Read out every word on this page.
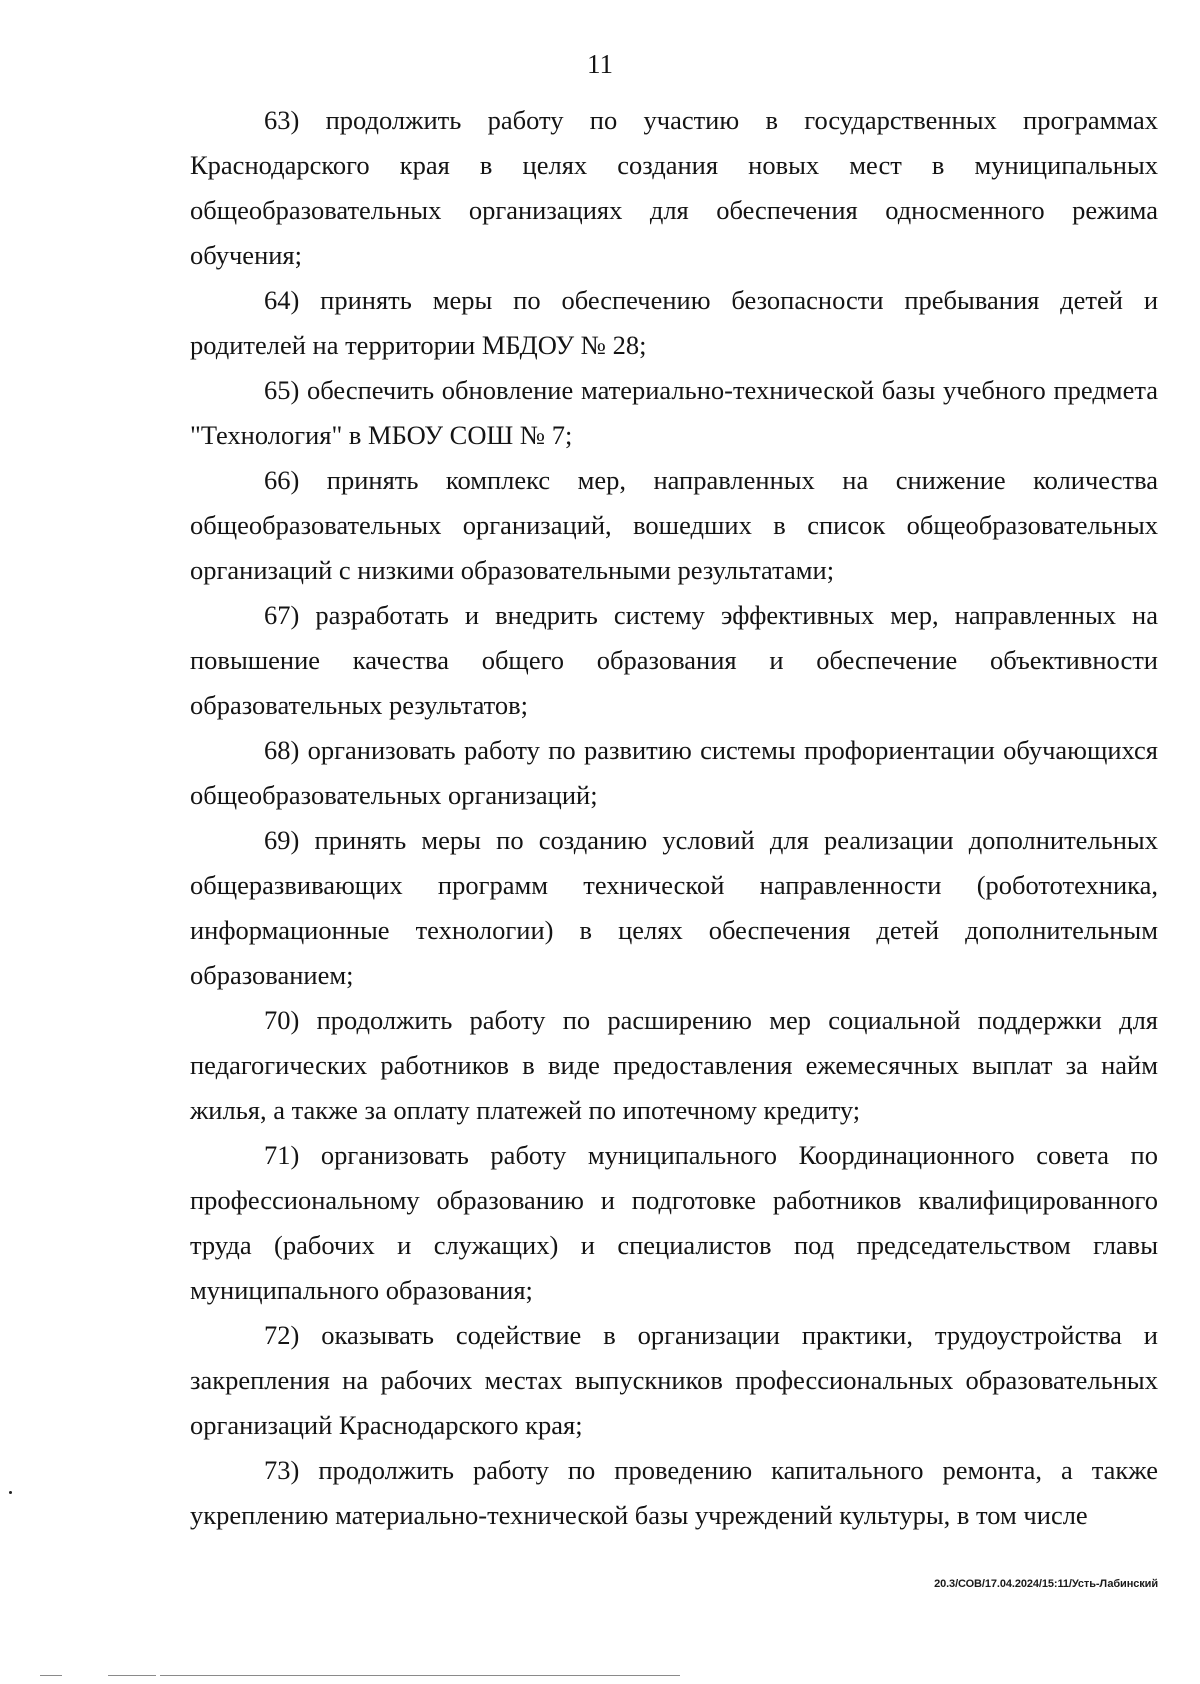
11

63) продолжить работу по участию в государственных программах Краснодарского края в целях создания новых мест в муниципальных общеобразовательных организациях для обеспечения односменного режима обучения;

64) принять меры по обеспечению безопасности пребывания детей и родителей на территории МБДОУ № 28;

65) обеспечить обновление материально-технической базы учебного предмета "Технология" в МБОУ СОШ № 7;

66) принять комплекс мер, направленных на снижение количества общеобразовательных организаций, вошедших в список общеобразовательных организаций с низкими образовательными результатами;

67) разработать и внедрить систему эффективных мер, направленных на повышение качества общего образования и обеспечение объективности образовательных результатов;

68) организовать работу по развитию системы профориентации обучающихся общеобразовательных организаций;

69) принять меры по созданию условий для реализации дополнительных общеразвивающих программ технической направленности (робототехника, информационные технологии) в целях обеспечения детей дополнительным образованием;

70) продолжить работу по расширению мер социальной поддержки для педагогических работников в виде предоставления ежемесячных выплат за найм жилья, а также за оплату платежей по ипотечному кредиту;

71) организовать работу муниципального Координационного совета по профессиональному образованию и подготовке работников квалифицированного труда (рабочих и служащих) и специалистов под председательством главы муниципального образования;

72) оказывать содействие в организации практики, трудоустройства и закрепления на рабочих местах выпускников профессиональных образовательных организаций Краснодарского края;

73) продолжить работу по проведению капитального ремонта, а также укреплению материально-технической базы учреждений культуры, в том числе

20.3/СОВ/17.04.2024/15:11/Усть-Лабинский
